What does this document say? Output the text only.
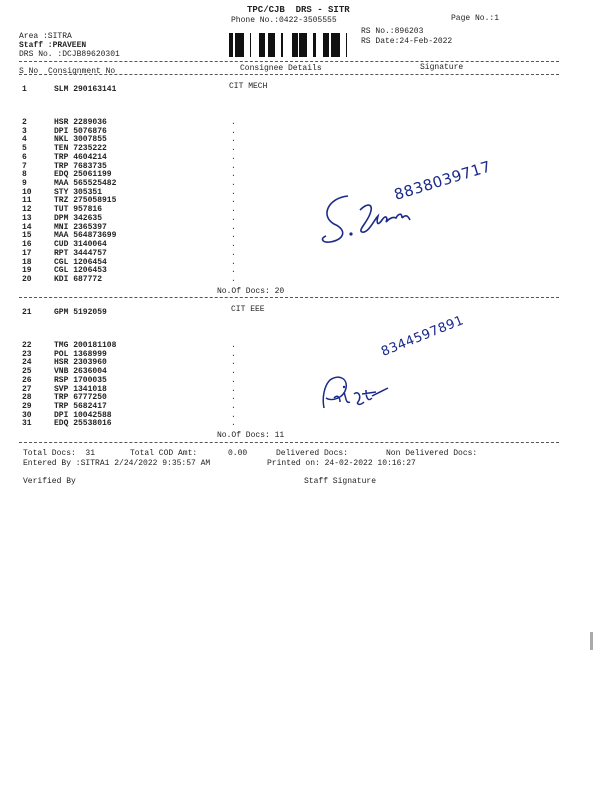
TPC/CJB  DRS - SITR
Phone No.:0422-3505555	Page No.:1
RS No.:896203
RS Date:24-Feb-2022
Area :SITRA
Staff :PRAVEEN
DRS No. :DCJB89620301
S No Consignment No	Consignee Details	Signature
1	SLM 290163141	CIT MECH
2	HSR 2289036	.
3	DPI 5076876	.
4	NKL 3007855	.
5	TEN 7235222	.
6	TRP 4604214	.
7	TRP 7683735	.
8	EDQ 25061199	.
9	MAA 565525482	.
10	STY 305351	.
11	TRZ 275058915	.
12	TUT 957816	.
13	DPM 342635	.
14	MNI 2365397	.
15	MAA 564873699	.
16	CUD 3140064	.
17	RPT 3444757	.
18	CGL 1206454	.
19	CGL 1206453	.
20	KDI 687772	.
No.Of Docs: 20
8838039717
21	GPM 5192059	CIT EEE
22	TMG 200181108	.
23	POL 1368999	.
24	HSR 2303960	.
25	VNB 2636004	.
26	RSP 1700035	.
27	SVP 1341018	.
28	TRP 6777250	.
29	TRP 5682417	.
30	DPI 10042588	.
31	EDQ 25538016	.
No.Of Docs: 11
8344597891
Total Docs:  31	Total COD Amt:	0.00	Delivered Docs:	Non Delivered Docs:
Entered By :SITRA1 2/24/2022 9:35:57 AM	Printed on: 24-02-2022 10:16:27
Verified By	Staff Signature
